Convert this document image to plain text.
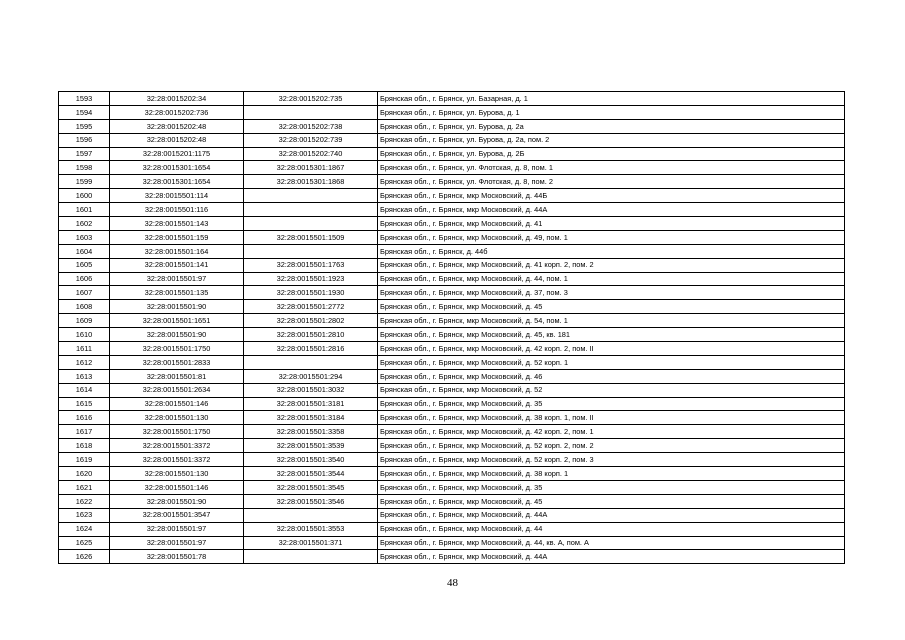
1593	32:28:0015202:34	32:28:0015202:735	Брянская обл., г. Брянск, ул. Базарная, д. 1
1594	32:28:0015202:736		Брянская обл., г. Брянск, ул. Бурова, д. 1
1595	32:28:0015202:48	32:28:0015202:738	Брянская обл., г. Брянск, ул. Бурова, д. 2а
1596	32:28:0015202:48	32:28:0015202:739	Брянская обл., г. Брянск, ул. Бурова, д. 2а, пом. 2
1597	32:28:0015201:1175	32:28:0015202:740	Брянская обл., г. Брянск, ул. Бурова, д. 2Б
1598	32:28:0015301:1654	32:28:0015301:1867	Брянская обл., г. Брянск, ул. Флотская, д. 8, пом. 1
1599	32:28:0015301:1654	32:28:0015301:1868	Брянская обл., г. Брянск, ул. Флотская, д. 8, пом. 2
1600	32:28:0015501:114		Брянская обл., г. Брянск, мкр Московский, д. 44Б
1601	32:28:0015501:116		Брянская обл., г. Брянск, мкр Московский, д. 44А
1602	32:28:0015501:143		Брянская обл., г. Брянск, мкр Московский, д. 41
1603	32:28:0015501:159	32:28:0015501:1509	Брянская обл., г. Брянск, мкр Московский, д. 49, пом. 1
1604	32:28:0015501:164		Брянская обл., г. Брянск, д. 44б
1605	32:28:0015501:141	32:28:0015501:1763	Брянская обл., г. Брянск, мкр Московский, д. 41 корп. 2, пом. 2
1606	32:28:0015501:97	32:28:0015501:1923	Брянская обл., г. Брянск, мкр Московский, д. 44, пом. 1
1607	32:28:0015501:135	32:28:0015501:1930	Брянская обл., г. Брянск, мкр Московский, д. 37, пом. 3
1608	32:28:0015501:90	32:28:0015501:2772	Брянская обл., г. Брянск, мкр Московский, д. 45
1609	32:28:0015501:1651	32:28:0015501:2802	Брянская обл., г. Брянск, мкр Московский, д. 54, пом. 1
1610	32:28:0015501:90	32:28:0015501:2810	Брянская обл., г. Брянск, мкр Московский, д. 45, кв. 181
1611	32:28:0015501:1750	32:28:0015501:2816	Брянская обл., г. Брянск, мкр Московский, д. 42 корп. 2, пом. II
1612	32:28:0015501:2833		Брянская обл., г. Брянск, мкр Московский, д. 52 корп. 1
1613	32:28:0015501:81	32:28:0015501:294	Брянская обл., г. Брянск, мкр Московский, д. 46
1614	32:28:0015501:2634	32:28:0015501:3032	Брянская обл., г. Брянск, мкр Московский, д. 52
1615	32:28:0015501:146	32:28:0015501:3181	Брянская обл., г. Брянск, мкр Московский, д. 35
1616	32:28:0015501:130	32:28:0015501:3184	Брянская обл., г. Брянск, мкр Московский, д. 38 корп. 1, пом. II
1617	32:28:0015501:1750	32:28:0015501:3358	Брянская обл., г. Брянск, мкр Московский, д. 42 корп. 2, пом. 1
1618	32:28:0015501:3372	32:28:0015501:3539	Брянская обл., г. Брянск, мкр Московский, д. 52 корп. 2, пом. 2
1619	32:28:0015501:3372	32:28:0015501:3540	Брянская обл., г. Брянск, мкр Московский, д. 52 корп. 2, пом. 3
1620	32:28:0015501:130	32:28:0015501:3544	Брянская обл., г. Брянск, мкр Московский, д. 38 корп. 1
1621	32:28:0015501:146	32:28:0015501:3545	Брянская обл., г. Брянск, мкр Московский, д. 35
1622	32:28:0015501:90	32:28:0015501:3546	Брянская обл., г. Брянск, мкр Московский, д. 45
1623	32:28:0015501:3547		Брянская обл., г. Брянск, мкр Московский, д. 44А
1624	32:28:0015501:97	32:28:0015501:3553	Брянская обл., г. Брянск, мкр Московский, д. 44
1625	32:28:0015501:97	32:28:0015501:371	Брянская обл., г. Брянск, мкр Московский, д. 44, кв. А, пом. А
1626	32:28:0015501:78		Брянская обл., г. Брянск, мкр Московский, д. 44А
48
